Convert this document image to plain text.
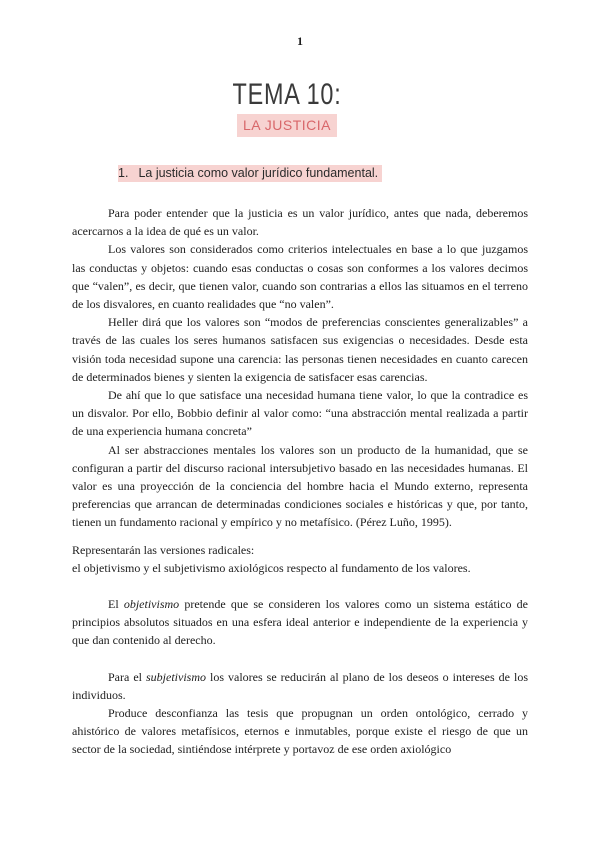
1
TEMA 10:
LA JUSTICIA
1. La justicia como valor jurídico fundamental.

Para poder entender que la justicia es un valor jurídico, antes que nada, deberemos acercarnos a la idea de qué es un valor.

Los valores son considerados como criterios intelectuales en base a lo que juzgamos las conductas y objetos: cuando esas conductas o cosas son conformes a los valores decimos que “valen”, es decir, que tienen valor, cuando son contrarias a ellos las situamos en el terreno de los disvalores, en cuanto realidades que “no valen”.

Heller dirá que los valores son “modos de preferencias conscientes generalizables” a través de las cuales los seres humanos satisfacen sus exigencias o necesidades. Desde esta visión toda necesidad supone una carencia: las personas tienen necesidades en cuanto carecen de determinados bienes y sienten la exigencia de satisfacer esas carencias.

De ahí que lo que satisface una necesidad humana tiene valor, lo que la contradice es un disvalor. Por ello, Bobbio definir al valor como: “una abstracción mental realizada a partir de una experiencia humana concreta”

Al ser abstracciones mentales los valores son un producto de la humanidad, que se configuran a partir del discurso racional intersubjetivo basado en las necesidades humanas. El valor es una proyección de la conciencia del hombre hacia el Mundo externo, representa preferencias que arrancan de determinadas condiciones sociales e históricas y que, por tanto, tienen un fundamento racional y empírico y no metafísico. (Pérez Luño, 1995).

Representarán las versiones radicales:

el objetivismo y el subjetivismo axiológicos respecto al fundamento de los valores.

El objetivismo pretende que se consideren los valores como un sistema estático de principios absolutos situados en una esfera ideal anterior e independiente de la experiencia y que dan contenido al derecho.

Para el subjetivismo los valores se reducirán al plano de los deseos o intereses de los individuos.

Produce desconfianza las tesis que propugnan un orden ontológico, cerrado y ahistórico de valores metafísicos, eternos e inmutables, porque existe el riesgo de que un sector de la sociedad, sintiéndose intérprete y portavoz de ese orden axiológico
